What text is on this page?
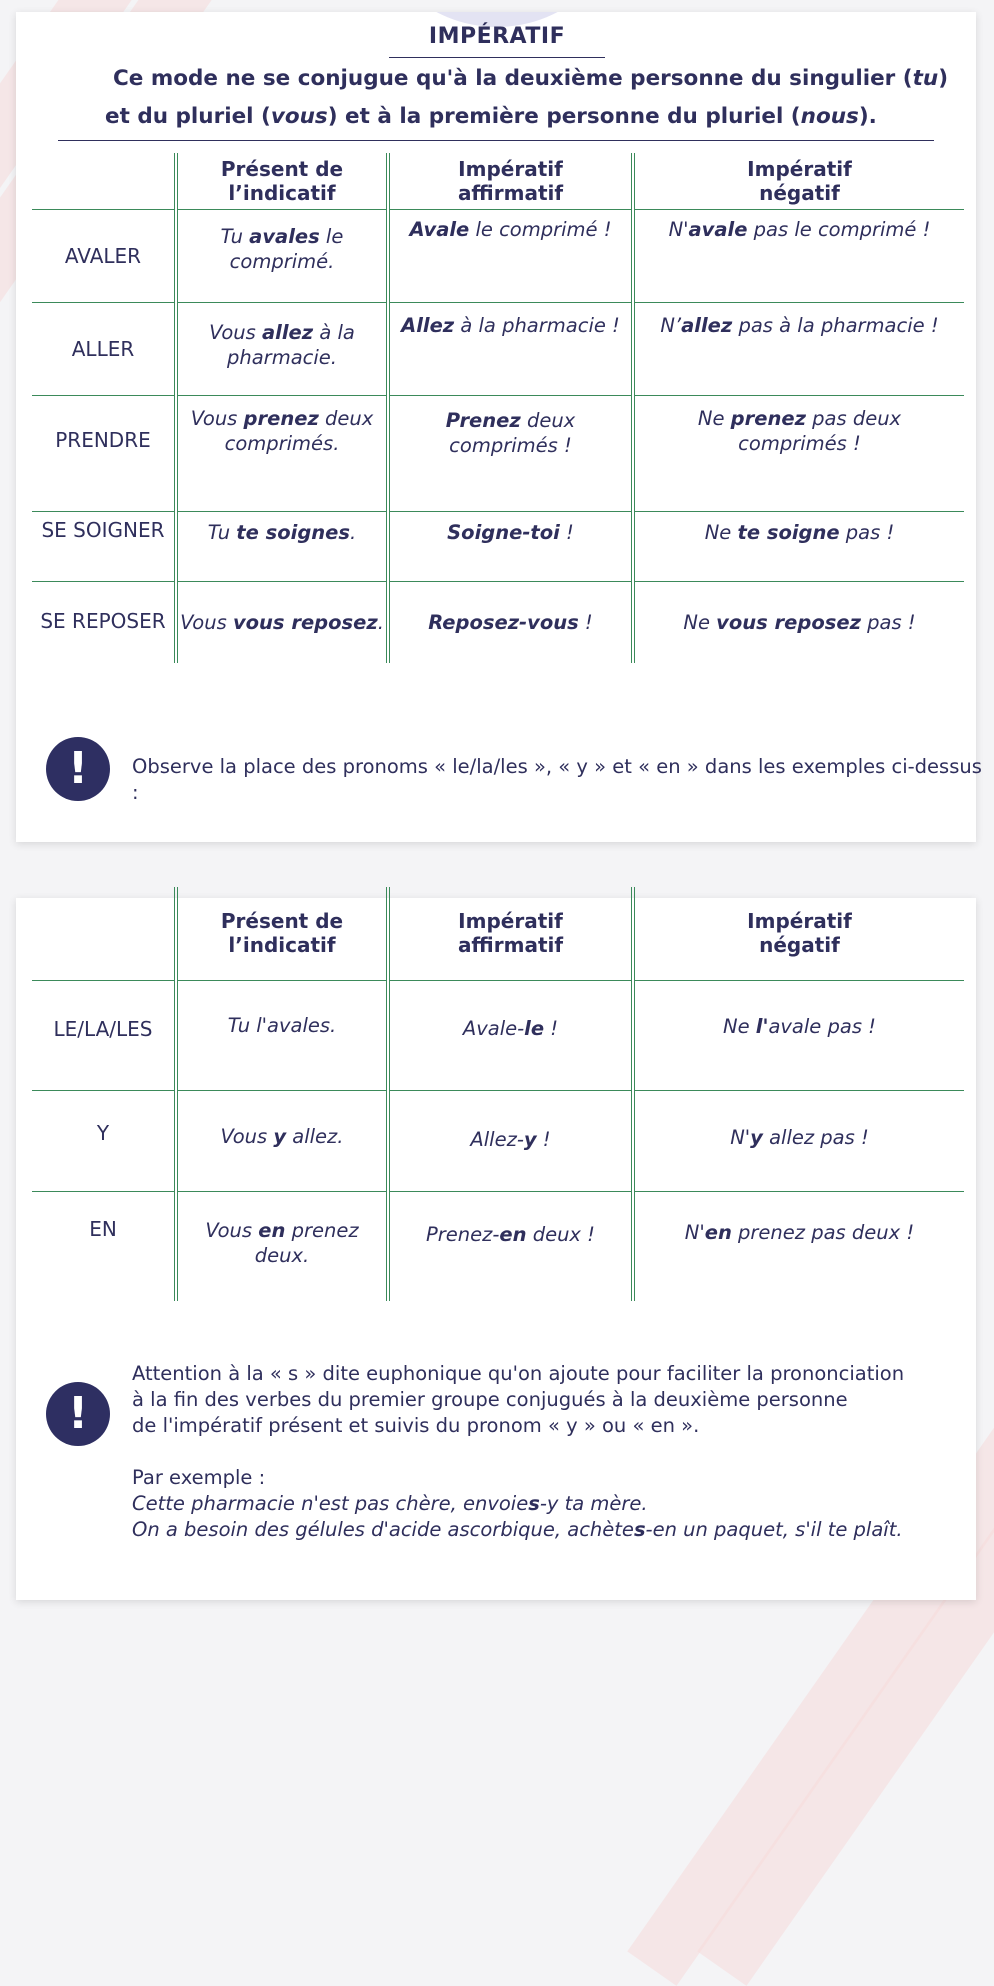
IMPÉRATIF
Ce mode ne se conjugue qu'à la deuxième personne du singulier (tu)
et du pluriel (vous) et à la première personne du pluriel (nous).
	Présent de
l’indicatif	Impératif
affirmatif	Impératif
négatif
AVALER	Tu avales le
comprimé.	Avale le comprimé !	N'avale pas le comprimé !
ALLER	Vous allez à la
pharmacie.	Allez à la pharmacie !	N’allez pas à la pharmacie !
PRENDRE	Vous prenez deux
comprimés.	Prenez deux
comprimés !	Ne prenez pas deux
comprimés !
SE SOIGNER	Tu te soignes.	Soigne-toi !	Ne te soigne pas !
SE REPOSER	Vous vous reposez.	Reposez-vous !	Ne vous reposez pas !
!	Observe la place des pronoms « le/la/les », « y » et « en » dans les exemples ci-dessus :
	Présent de
l’indicatif	Impératif
affirmatif	Impératif
négatif
LE/LA/LES	Tu l'avales.	Avale-le !	Ne l'avale pas !
Y	Vous y allez.	Allez-y !	N'y allez pas !
EN	Vous en prenez
deux.	Prenez-en deux !	N'en prenez pas deux !
!
Attention à la « s » dite euphonique qu'on ajoute pour faciliter la prononciation
à la fin des verbes du premier groupe conjugués à la deuxième personne
de l'impératif présent et suivis du pronom « y » ou « en ».
Par exemple :
Cette pharmacie n'est pas chère, envoies-y ta mère.
On a besoin des gélules d'acide ascorbique, achètes-en un paquet, s'il te plaît.
